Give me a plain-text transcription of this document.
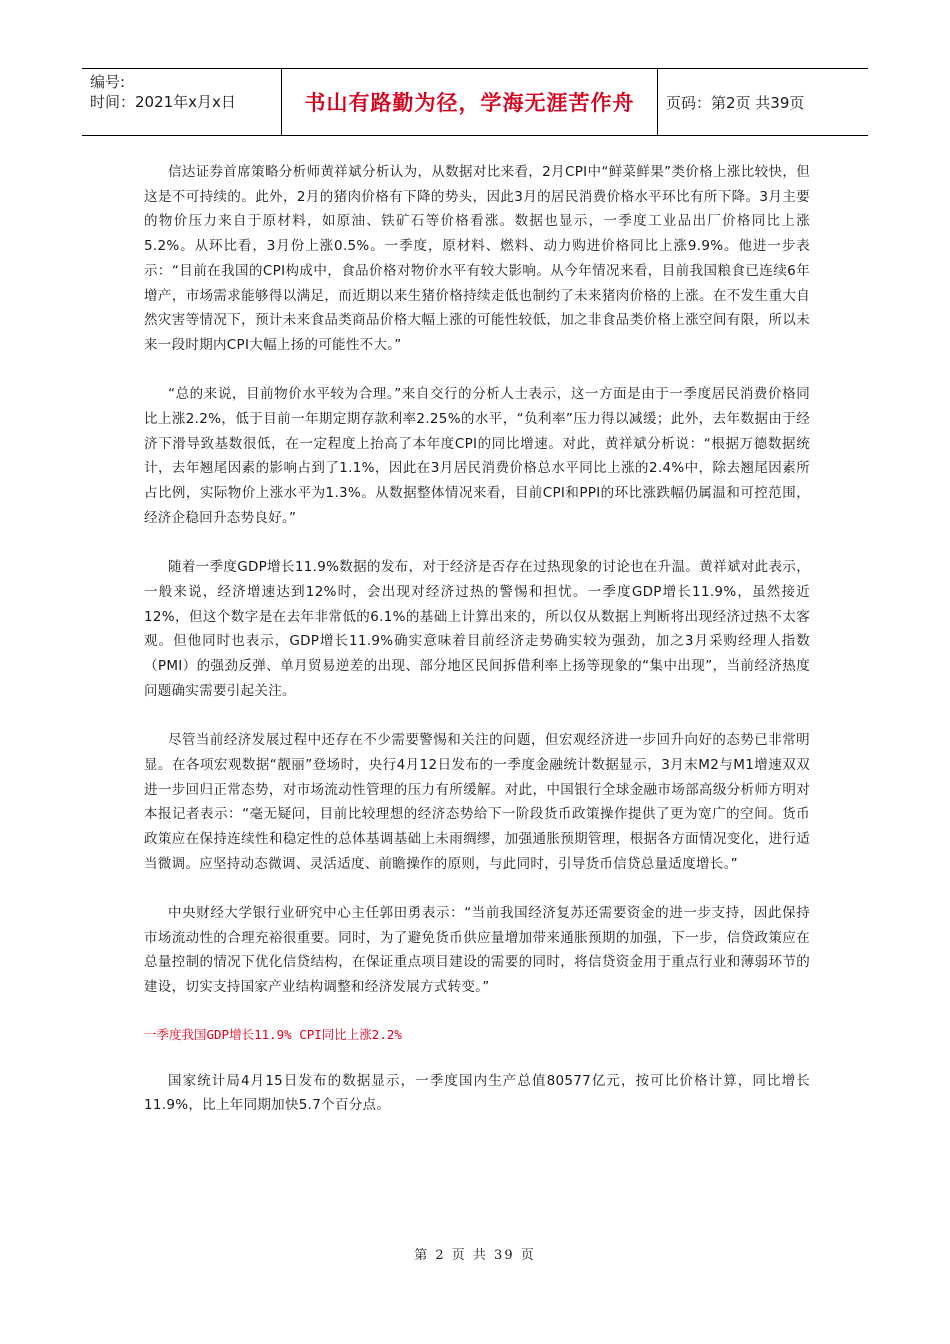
编号:
时间：2021年x月x日	书山有路勤为径，学海无涯苦作舟 页码：第2页 共39页

信达证券首席策略分析师黄祥斌分析认为，从数据对比来看，2月CPI中“鲜菜鲜果”类价格上涨比较快，但这是不可持续的。此外，2月的猪肉价格有下降的势头，因此3月的居民消费价格水平环比有所下降。3月主要的物价压力来自于原材料，如原油、铁矿石等价格看涨。数据也显示，一季度工业品出厂价格同比上涨5.2%。从环比看，3月份上涨0.5%。一季度，原材料、燃料、动力购进价格同比上涨9.9%。他进一步表示：“目前在我国的CPI构成中，食品价格对物价水平有较大影响。从今年情况来看，目前我国粮食已连续6年增产，市场需求能够得以满足，而近期以来生猪价格持续走低也制约了未来猪肉价格的上涨。在不发生重大自然灾害等情况下，预计未来食品类商品价格大幅上涨的可能性较低，加之非食品类价格上涨空间有限，所以未来一段时期内CPI大幅上扬的可能性不大。”

“总的来说，目前物价水平较为合理。”来自交行的分析人士表示，这一方面是由于一季度居民消费价格同比上涨2.2%，低于目前一年期定期存款利率2.25%的水平，“负利率”压力得以减缓；此外，去年数据由于经济下滑导致基数很低，在一定程度上抬高了本年度CPI的同比增速。对此，黄祥斌分析说：“根据万德数据统计，去年翘尾因素的影响占到了1.1%，因此在3月居民消费价格总水平同比上涨的2.4%中，除去翘尾因素所占比例，实际物价上涨水平为1.3%。从数据整体情况来看，目前CPI和PPI的环比涨跌幅仍属温和可控范围，经济企稳回升态势良好。”

随着一季度GDP增长11.9%数据的发布，对于经济是否存在过热现象的讨论也在升温。黄祥斌对此表示，一般来说，经济增速达到12%时，会出现对经济过热的警惕和担忧。一季度GDP增长11.9%，虽然接近12%，但这个数字是在去年非常低的6.1%的基础上计算出来的，所以仅从数据上判断将出现经济过热不太客观。但他同时也表示，GDP增长11.9%确实意味着目前经济走势确实较为强劲，加之3月采购经理人指数（PMI）的强劲反弹、单月贸易逆差的出现、部分地区民间拆借利率上扬等现象的“集中出现”，当前经济热度问题确实需要引起关注。

尽管当前经济发展过程中还存在不少需要警惕和关注的问题，但宏观经济进一步回升向好的态势已非常明显。在各项宏观数据“靓丽”登场时，央行4月12日发布的一季度金融统计数据显示，3月末M2与M1增速双双进一步回归正常态势，对市场流动性管理的压力有所缓解。对此，中国银行全球金融市场部高级分析师方明对本报记者表示：“毫无疑问，目前比较理想的经济态势给下一阶段货币政策操作提供了更为宽广的空间。货币政策应在保持连续性和稳定性的总体基调基础上未雨绸缪，加强通胀预期管理，根据各方面情况变化，进行适当微调。应坚持动态微调、灵活适度、前瞻操作的原则，与此同时，引导货币信贷总量适度增长。”

中央财经大学银行业研究中心主任郭田勇表示：“当前我国经济复苏还需要资金的进一步支持，因此保持市场流动性的合理充裕很重要。同时，为了避免货币供应量增加带来通胀预期的加强，下一步，信贷政策应在总量控制的情况下优化信贷结构，在保证重点项目建设的需要的同时，将信贷资金用于重点行业和薄弱环节的建设，切实支持国家产业结构调整和经济发展方式转变。”

一季度我国GDP增长11.9% CPI同比上涨2.2%

国家统计局4月15日发布的数据显示，一季度国内生产总值80577亿元，按可比价格计算，同比增长11.9%，比上年同期加快5.7个百分点。

第 2 页 共 39 页
